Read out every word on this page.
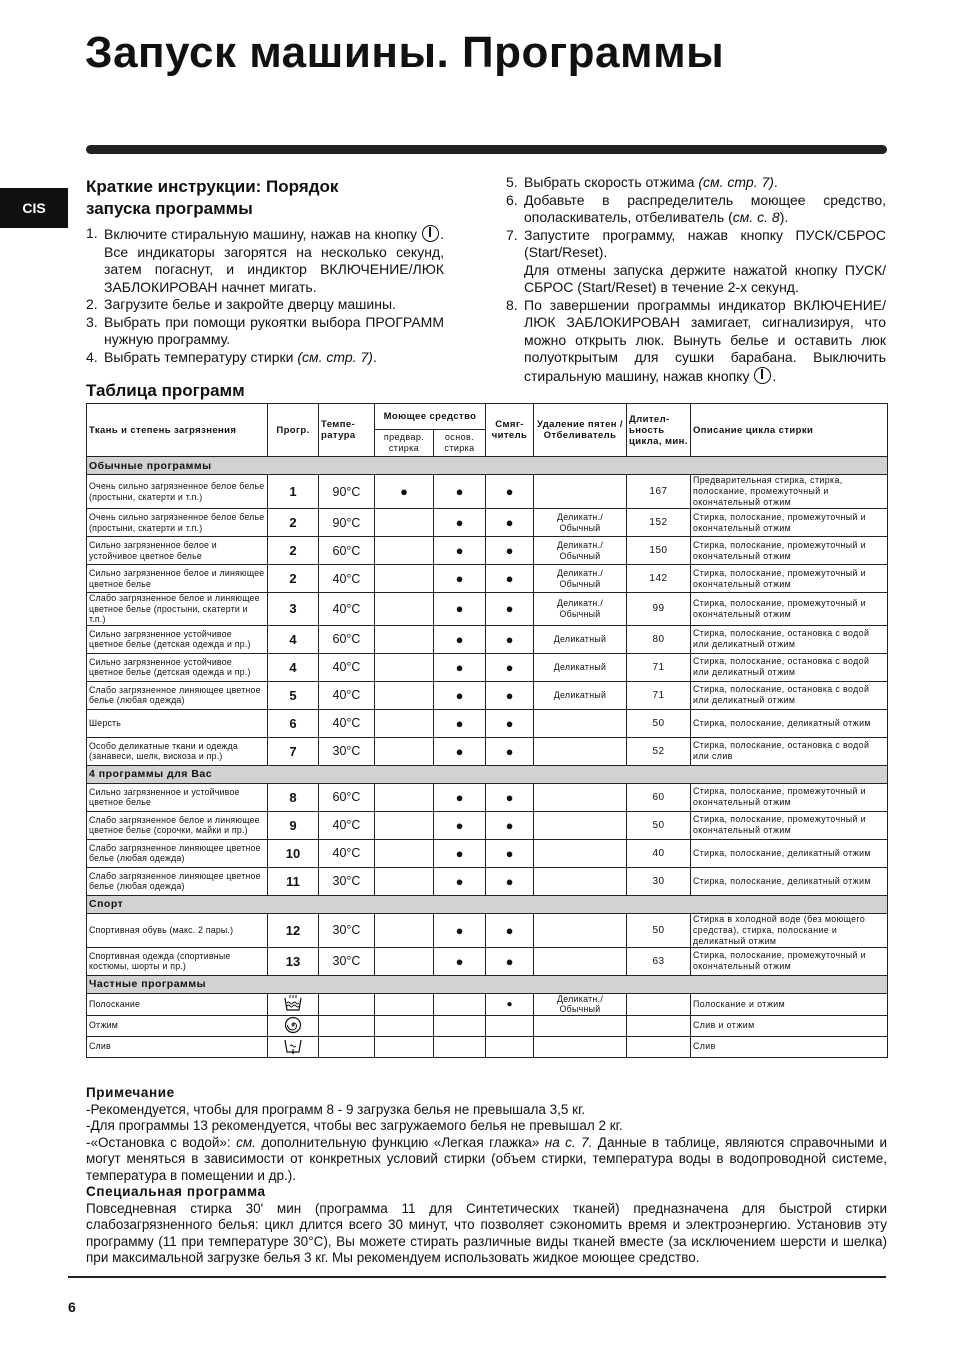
Запуск машины. Программы
CIS
Краткие инструкции: Порядок
запуска программы
1. Включите стиральную машину, нажав на кнопку . Все индикаторы загорятся на несколько секунд, затем погаснут, и индиктор ВКЛЮЧЕНИЕ/ЛЮК ЗАБЛОКИРОВАН начнет мигать.
2. Загрузите белье и закройте дверцу машины.
3. Выбрать при помощи рукоятки выбора ПРОГРАММ нужную программу.
4. Выбрать температуру стирки (см. стр. 7).
5. Выбрать скорость отжима (см. стр. 7).
6. Добавьте в распределитель моющее средство, ополаскиватель, отбеливатель (см. с. 8).
7. Запустите программу, нажав кнопку ПУСК/СБРОС (Start/Reset).
Для отмены запуска держите нажатой кнопку ПУСК/СБРОС (Start/Reset) в течение 2-х секунд.
8. По завершении программы индикатор ВКЛЮЧЕНИЕ/ЛЮК ЗАБЛОКИРОВАН замигает, сигнализируя, что можно открыть люк. Вынуть белье и оставить люк полуоткрытым для сушки барабана. Выключить стиральную машину, нажав кнопку .
Таблица программ
Ткань и степень загрязнения	Прогр.	Темпе-ратура	Моющее средство		Смяг-читель	Удаление пятен / Отбеливатель	Длител-ьность цикла, мин.	Описание цикла стирки
			предвар. стирка	основ. стирка				
Обычные программы								
Очень сильно загрязненное белое белье (простыни, скатерти и т.п.)	1	90°C	●	●	●		167	Предварительная стирка, стирка, полоскание, промежуточный и окончательный отжим
Очень сильно загрязненное белое белье (простыни, скатерти и т.п.)	2	90°C		●	●	Деликатн./ Обычный	152	Стирка, полоскание, промежуточный и окончательный отжим
Сильно загрязненное белое и устойчивое цветное белье	2	60°C		●	●	Деликатн./ Обычный	150	Стирка, полоскание, промежуточный и окончательный отжим
Сильно загрязненное белое и линяющее цветное белье	2	40°C		●	●	Деликатн./ Обычный	142	Стирка, полоскание, промежуточный и окончательный отжим
Слабо загрязненное белое и линяющее цветное белье (простыни, скатерти и т.п.)	3	40°C		●	●	Деликатн./ Обычный	99	Стирка, полоскание, промежуточный и окончательный отжим
Сильно загрязненное устойчивое цветное белье (детская одежда и пр.)	4	60°C		●	●	Деликатный	80	Стирка, полоскание, остановка с водой или деликатный отжим
Сильно загрязненное устойчивое цветное белье (детская одежда и пр.)	4	40°C		●	●	Деликатный	71	Стирка, полоскание, остановка с водой или деликатный отжим
Слабо загрязненное линяющее цветное белье (любая одежда)	5	40°C		●	●	Деликатный	71	Стирка, полоскание, остановка с водой или деликатный отжим
Шерсть	6	40°C		●	●		50	Стирка, полоскание, деликатный отжим
Особо деликатные ткани и одежда (занавеси, шелк, вискоза и пр.)	7	30°C		●	●		52	Стирка, полоскание, остановка с водой или слив
4 программы для Вас								
Сильно загрязненное и устойчивое цветное белье	8	60°C		●	●		60	Стирка, полоскание, промежуточный и окончательный отжим
Слабо загрязненное белое и линяющее цветное белье (сорочки, майки и пр.)	9	40°C		●	●		50	Стирка, полоскание, промежуточный и окончательный отжим
Слабо загрязненное линяющее цветное белье (любая одежда)	10	40°C		●	●		40	Стирка, полоскание, деликатный отжим
Слабо загрязненное линяющее цветное белье (любая одежда)	11	30°C		●	●		30	Стирка, полоскание, деликатный отжим
Спорт								
Спортивная обувь (макс. 2 пары.)	12	30°C		●	●		50	Стирка в холодной воде (без моющего средства), стирка, полоскание и деликатный отжим
Спортивная одежда (спортивные костюмы, шорты и пр.)	13	30°C		●	●		63	Стирка, полоскание, промежуточный и окончательный отжим
Частные программы								
Полоскание					●	Деликатн./ Обычный		Полоскание и отжим
Отжим								Слив и отжим
Слив								Слив
Примечание
-Рекомендуется, чтобы для программ 8 - 9 загрузка белья не превышала 3,5 кг.
-Для программы 13 рекомендуется, чтобы вес загружаемого белья не превышал 2 кг.
-«Остановка с водой»: см. дополнительную функцию «Легкая глажка» на с. 7. Данные в таблице, являются справочными и могут меняться в зависимости от конкретных условий стирки (объем стирки, температура воды в водопроводной системе, температура в помещении и др.).
Специальная программа
Повседневная стирка 30' мин (программа 11 для Синтетических тканей) предназначена для быстрой стирки слабозагрязненного белья: цикл длится всего 30 минут, что позволяет сэкономить время и электроэнергию. Установив эту программу (11 при температуре 30°C), Вы можете стирать различные виды тканей вместе (за исключением шерсти и шелка) при максимальной загрузке белья 3 кг. Мы рекомендуем использовать жидкое моющее средство.
6
